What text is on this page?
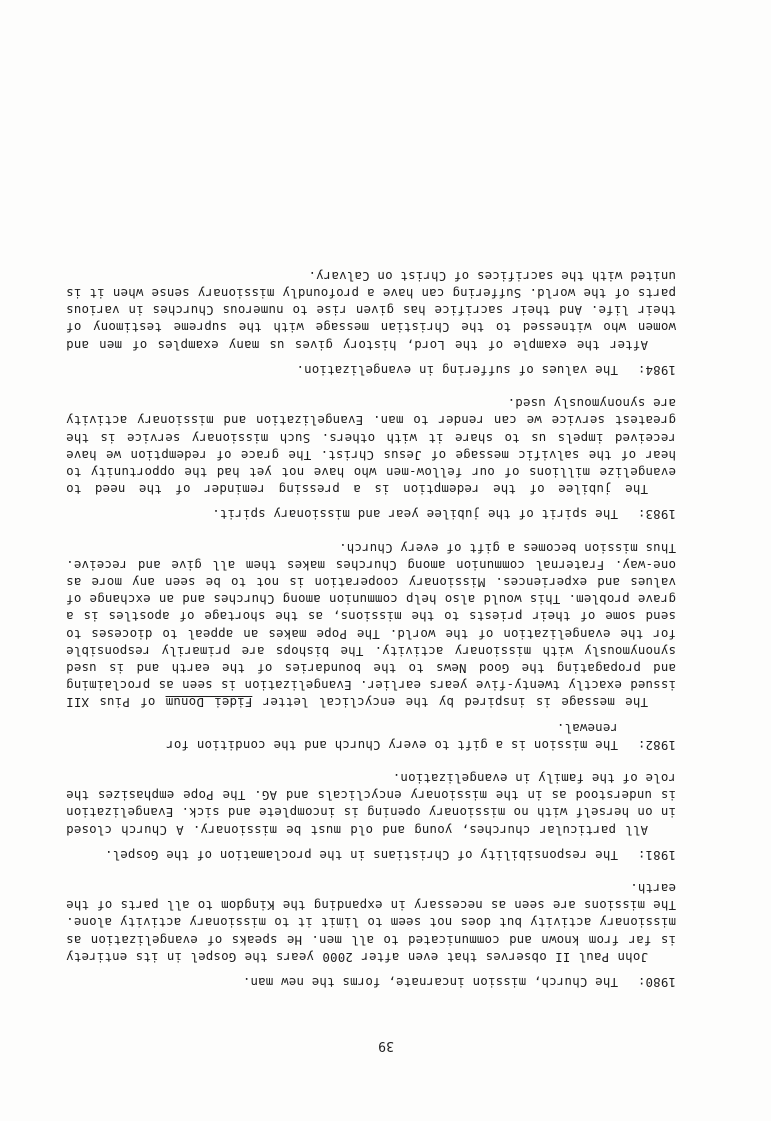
39
1980:
The Church, mission incarnate, forms the new man.

John Paul II observes that even after 2000 years the Gospel in its entirety is far from known and communicated to all men. He speaks of evangelization as missionary activity but does not seem to limit it to missionary activity alone. The missions are seen as necessary in expanding the Kingdom to all parts of the earth.

1981:
The responsibility of Christians in the proclamation of the Gospel.

All particular churches, young and old must be missionary. A Church closed in on herself with no missionary opening is incomplete and sick. Evangelization is understood as in the missionary encyclicals and AG. The Pope emphasizes the role of the family in evangelization.

1982:
The mission is a gift to every Church and the condition for renewal.

The message is inspired by the encyclical letter Fidei Donum of Pius XII issued exactly twenty-five years earlier. Evangelization is seen as proclaiming and propagating the Good News to the boundaries of the earth and is used synonymously with missionary activity. The bishops are primarily responsible for the evangelization of the world. The Pope makes an appeal to dioceses to send some of their priests to the missions, as the shortage of apostles is a grave problem. This would also help communion among Churches and an exchange of values and experiences. Missionary cooperation is not to be seen any more as one-way. Fraternal communion among Churches makes them all give and receive. Thus mission becomes a gift of every Church.

1983:
The spirit of the jubilee year and missionary spirit.

The jubilee of the redemption is a pressing reminder of the need to evangelize millions of our fellow-men who have not yet had the opportunity to hear of the salvific message of Jesus Christ. The grace of redemption we have received impels us to share it with others. Such missionary service is the greatest service we can render to man. Evangelization and missionary activity are synonymously used.

1984:
The values of suffering in evangelization.

After the example of the Lord, history gives us many examples of men and women who witnessed to the Christian message with the supreme testimony of their life. And their sacrifice has given rise to numerous Churches in various parts of the world. Suffering can have a profoundly missionary sense when it is united with the sacrifices of Christ on Calvary.
